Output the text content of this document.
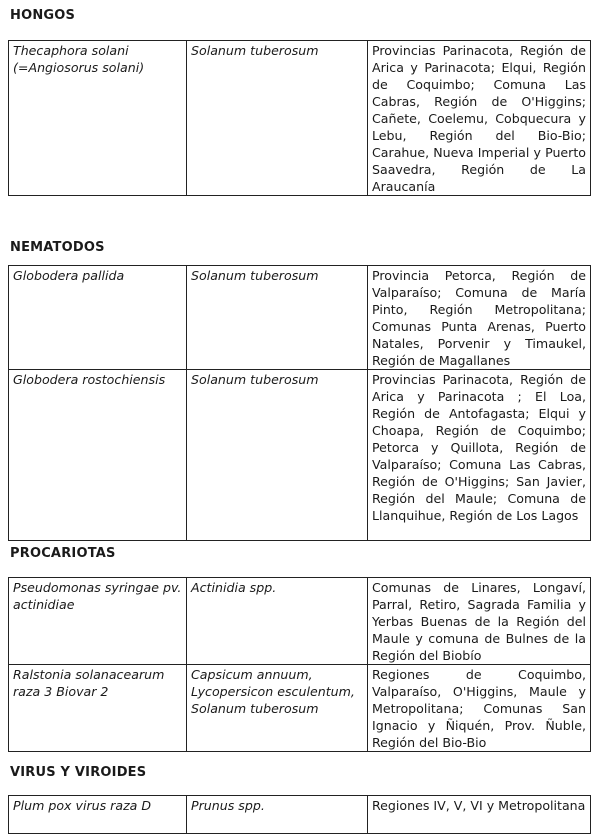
HONGOS
Thecaphora solani (=Angiosorus solani)	Solanum tuberosum	Provincias Parinacota, Región de Arica y Parinacota; Elqui, Región de Coquimbo; Comuna Las Cabras, Región de O'Higgins; Cañete, Coelemu, Cobquecura y Lebu, Región del Bio-Bio; Carahue, Nueva Imperial y Puerto Saavedra, Región de La Araucanía
NEMATODOS
Globodera pallida	Solanum tuberosum	Provincia Petorca, Región de Valparaíso; Comuna de María Pinto, Región Metropolitana; Comunas Punta Arenas, Puerto Natales, Porvenir y Timaukel, Región de Magallanes
Globodera rostochiensis	Solanum tuberosum	Provincias Parinacota, Región de Arica y Parinacota ; El Loa, Región de Antofagasta; Elqui y Choapa, Región de Coquimbo; Petorca y Quillota, Región de Valparaíso; Comuna Las Cabras, Región de O'Higgins; San Javier, Región del Maule; Comuna de Llanquihue, Región de Los Lagos
PROCARIOTAS
Pseudomonas syringae pv. actinidiae	Actinidia spp.	Comunas de Linares, Longaví, Parral, Retiro, Sagrada Familia y Yerbas Buenas de la Región del Maule y comuna de Bulnes de la Región del Biobío
Ralstonia solanacearum raza 3 Biovar 2	Capsicum annuum, Lycopersicon esculentum, Solanum tuberosum	Regiones de Coquimbo, Valparaíso, O'Higgins, Maule y Metropolitana; Comunas San Ignacio y Ñiquén, Prov. Ñuble, Región del Bio-Bio
VIRUS Y VIROIDES
Plum pox virus raza D	Prunus spp.	Regiones IV, V, VI y Metropolitana
